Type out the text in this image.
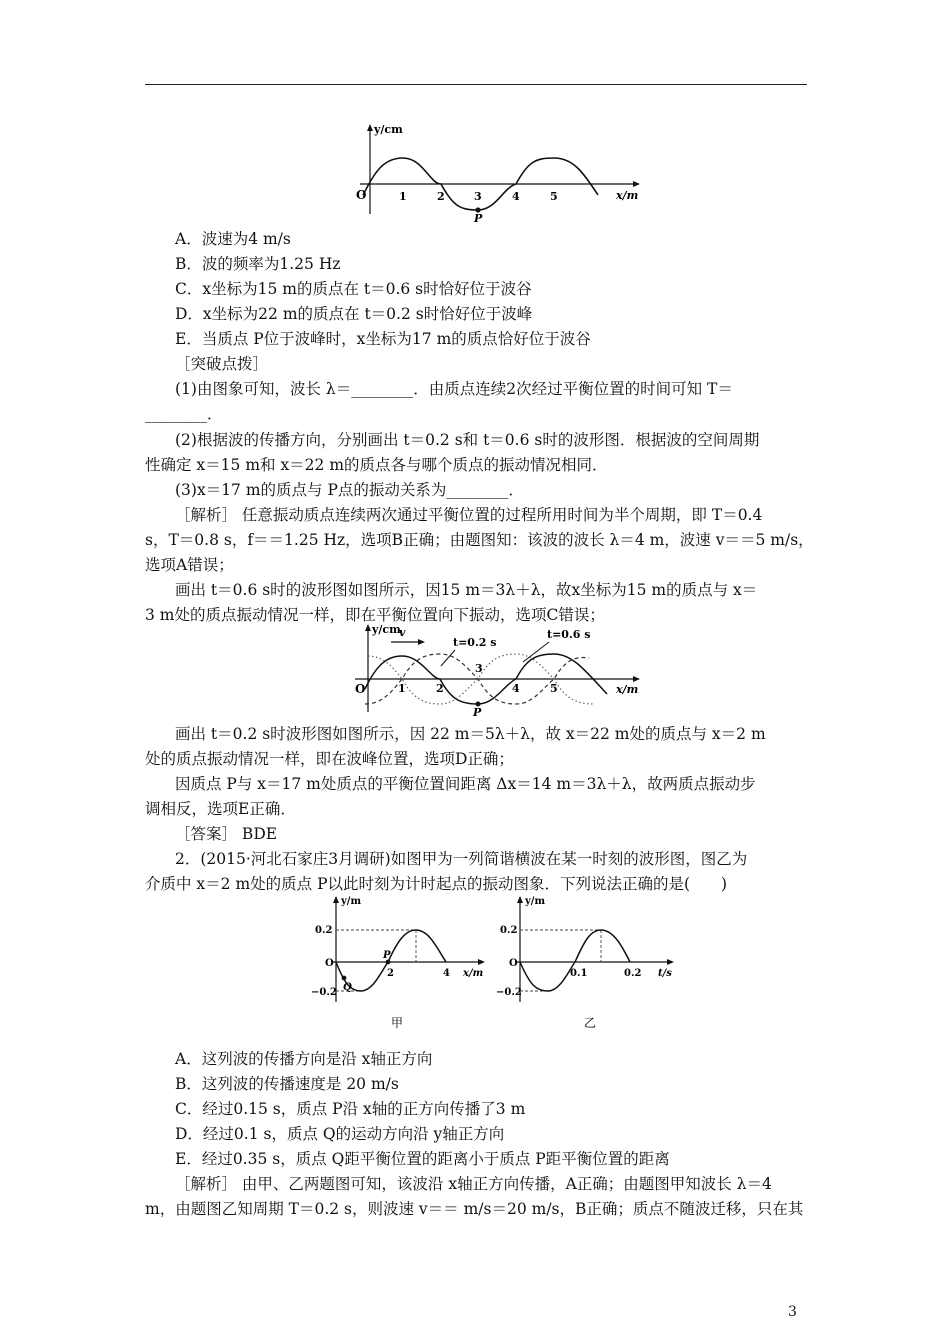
y/cm
x/m
O	1	2	3	4	5
P
A．波速为4 m/s
B．波的频率为1.25 Hz
C．x坐标为15 m的质点在 t＝0.6 s时恰好位于波谷
D．x坐标为22 m的质点在 t＝0.2 s时恰好位于波峰
E．当质点 P位于波峰时，x坐标为17 m的质点恰好位于波谷
［突破点拨］
(1)由图象可知，波长 λ＝________．由质点连续2次经过平衡位置的时间可知 T＝
________．
(2)根据波的传播方向，分别画出 t＝0.2 s和 t＝0.6 s时的波形图．根据波的空间周期
性确定 x＝15 m和 x＝22 m的质点各与哪个质点的振动情况相同．
(3)x＝17 m的质点与 P点的振动关系为________．
［解析］ 任意振动质点连续两次通过平衡位置的过程所用时间为半个周期，即 T＝0.4
s，T＝0.8 s，f＝＝1.25 Hz，选项B正确；由题图知：该波的波长 λ＝4 m，波速 v＝＝5 m/s，
选项A错误；
画出 t＝0.6 s时的波形图如图所示，因15 m＝3λ＋λ，故x坐标为15 m的质点与 x＝
3 m处的质点振动情况一样，即在平衡位置向下振动，选项C错误；
y/cm
x/m
O
v
t=0.2 s
t=0.6 s
1	2
3
4	5
P
画出 t＝0.2 s时波形图如图所示，因 22 m＝5λ＋λ，故 x＝22 m处的质点与 x＝2 m
处的质点振动情况一样，即在波峰位置，选项D正确；
因质点 P与 x＝17 m处质点的平衡位置间距离 Δx＝14 m＝3λ＋λ，故两质点振动步
调相反，选项E正确．
［答案］ BDE
2．(2015·河北石家庄3月调研)如图甲为一列简谐横波在某一时刻的波形图，图乙为
介质中 x＝2 m处的质点 P以此时刻为计时起点的振动图象．下列说法正确的是(　　)
y/m
x/m
O
0.2
−0.2 Q
P
2	4
甲
y/m
t/s
O
0.2
−0.2
0.1	0.2
乙
A．这列波的传播方向是沿 x轴正方向
B．这列波的传播速度是 20 m/s
C．经过0.15 s，质点 P沿 x轴的正方向传播了3 m
D．经过0.1 s，质点 Q的运动方向沿 y轴正方向
E．经过0.35 s，质点 Q距平衡位置的距离小于质点 P距平衡位置的距离
［解析］ 由甲、乙两题图可知，该波沿 x轴正方向传播，A正确；由题图甲知波长 λ＝4
m，由题图乙知周期 T＝0.2 s，则波速 v＝＝ m/s＝20 m/s，B正确；质点不随波迁移，只在其
3
